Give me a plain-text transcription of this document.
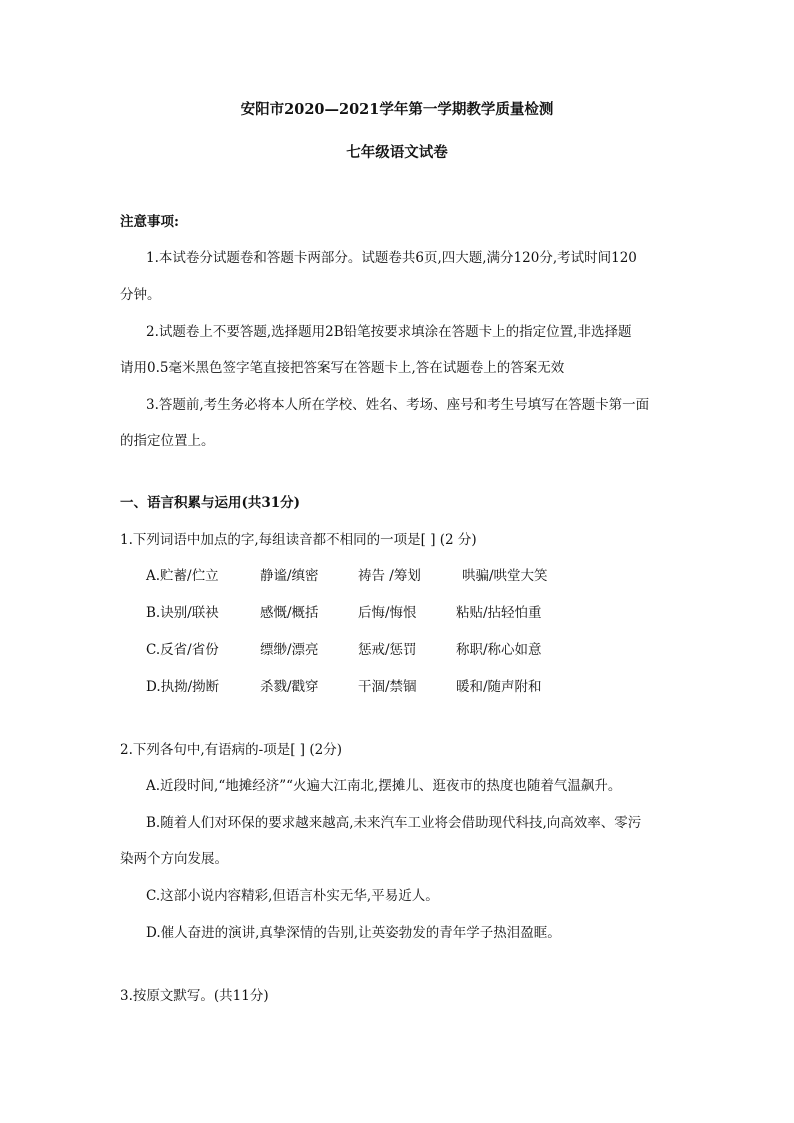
安阳市2020—2021学年第一学期教学质量检测
七年级语文试卷
注意事项:
1.本试卷分试题卷和答题卡两部分。试题卷共6页,四大题,满分120分,考试时间120
分钟。
2.试题卷上不要答题,选择题用2B铅笔按要求填涂在答题卡上的指定位置,非选择题
请用0.5毫米黑色签字笔直接把答案写在答题卡上,答在试题卷上的答案无效
3.答题前,考生务必将本人所在学校、姓名、考场、座号和考生号填写在答题卡第一面
的指定位置上。
一、语言积累与运用(共31分)
1.下列词语中加点的字,每组读音都不相同的一项是[ ] (2 分)
A.贮蓄/伫立	静谧/缜密	祷告 /筹划	哄骗/哄堂大笑
B.诀别/联袂	感慨/概括	后悔/悔恨	粘贴/拈轻怕重
C.反省/省份	缥缈/漂亮	惩戒/惩罚	称职/称心如意
D.执拗/拗断	杀戮/戳穿	干涸/禁锢	暖和/随声附和
2.下列各句中,有语病的-项是[ ] (2分)
A.近段时间,“地摊经济”“火遍大江南北,摆摊儿、逛夜市的热度也随着气温飙升。
B.随着人们对环保的要求越来越高,未来汽车工业将会借助现代科技,向高效率、零污
染两个方向发展。
C.这部小说内容精彩,但语言朴实无华,平易近人。
D.催人奋进的演讲,真挚深情的告别,让英姿勃发的青年学子热泪盈眶。
3.按原文默写。(共11分)
